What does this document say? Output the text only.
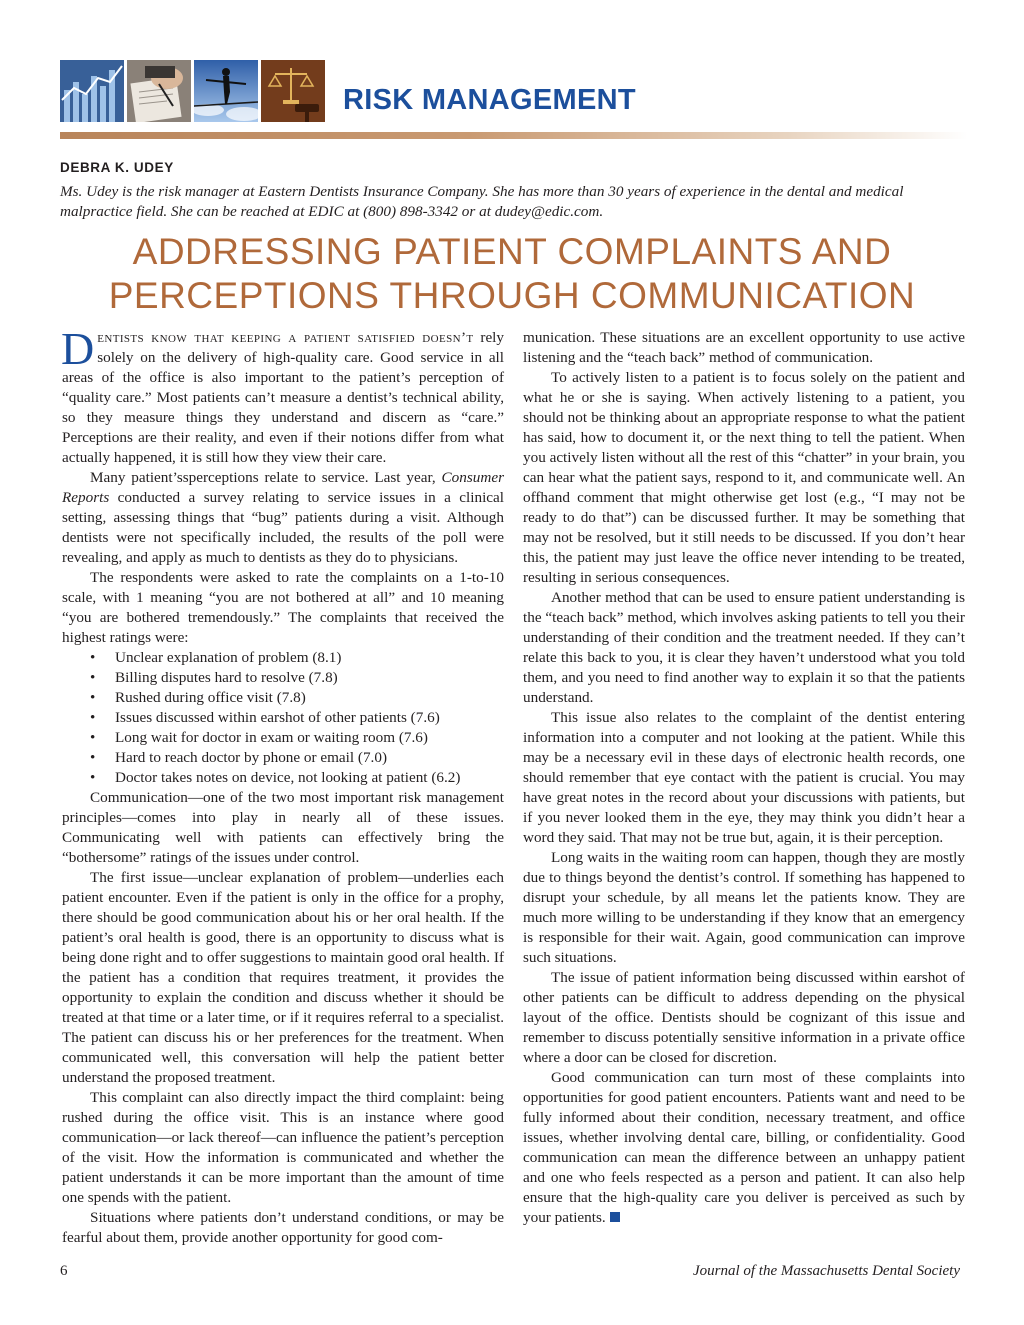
RISK MANAGEMENT
DEBRA K. UDEY
Ms. Udey is the risk manager at Eastern Dentists Insurance Company. She has more than 30 years of experience in the dental and medical malpractice field. She can be reached at EDIC at (800) 898-3342 or at dudey@edic.com.
ADDRESSING PATIENT COMPLAINTS AND
PERCEPTIONS THROUGH COMMUNICATION

Dentists know that keeping a patient satisfied doesn’t rely solely on the delivery of high-quality care. Good service in all areas of the office is also important to the patient’s perception of “quality care.” Most patients can’t measure a dentist’s technical ability, so they measure things they understand and discern as “care.” Perceptions are their reality, and even if their notions differ from what actually happened, it is still how they view their care.

Many patient’ssperceptions relate to service. Last year, Consumer Reports conducted a survey relating to service issues in a clinical setting, assessing things that “bug” patients during a visit. Although dentists were not specifically included, the results of the poll were revealing, and apply as much to dentists as they do to physicians.

The respondents were asked to rate the complaints on a 1-to-10 scale, with 1 meaning “you are not bothered at all” and 10 meaning “you are bothered tremendously.” The complaints that received the highest ratings were:

• Unclear explanation of problem (8.1)
• Billing disputes hard to resolve (7.8)
• Rushed during office visit (7.8)
• Issues discussed within earshot of other patients (7.6)
• Long wait for doctor in exam or waiting room (7.6)
• Hard to reach doctor by phone or email (7.0)
• Doctor takes notes on device, not looking at patient (6.2)

Communication—one of the two most important risk management principles—comes into play in nearly all of these issues. Communicating well with patients can effectively bring the “bothersome” ratings of the issues under control.

The first issue—unclear explanation of problem—underlies each patient encounter. Even if the patient is only in the office for a prophy, there should be good communication about his or her oral health. If the patient’s oral health is good, there is an opportunity to discuss what is being done right and to offer suggestions to maintain good oral health. If the patient has a condition that requires treatment, it provides the opportunity to explain the condition and discuss whether it should be treated at that time or a later time, or if it requires referral to a specialist. The patient can discuss his or her preferences for the treatment. When communicated well, this conversation will help the patient better understand the proposed treatment.

This complaint can also directly impact the third complaint: being rushed during the office visit. This is an instance where good communication—or lack thereof—can influence the patient’s perception of the visit. How the information is communicated and whether the patient understands it can be more important than the amount of time one spends with the patient.

Situations where patients don’t understand conditions, or may be fearful about them, provide another opportunity for good com-

munication. These situations are an excellent opportunity to use active listening and the “teach back” method of communication.

To actively listen to a patient is to focus solely on the patient and what he or she is saying. When actively listening to a patient, you should not be thinking about an appropriate response to what the patient has said, how to document it, or the next thing to tell the patient. When you actively listen without all the rest of this “chatter” in your brain, you can hear what the patient says, respond to it, and communicate well. An offhand comment that might otherwise get lost (e.g., “I may not be ready to do that”) can be discussed further. It may be something that may not be resolved, but it still needs to be discussed. If you don’t hear this, the patient may just leave the office never intending to be treated, resulting in serious consequences.

Another method that can be used to ensure patient understanding is the “teach back” method, which involves asking patients to tell you their understanding of their condition and the treatment needed. If they can’t relate this back to you, it is clear they haven’t understood what you told them, and you need to find another way to explain it so that the patients understand.

This issue also relates to the complaint of the dentist entering information into a computer and not looking at the patient. While this may be a necessary evil in these days of electronic health records, one should remember that eye contact with the patient is crucial. You may have great notes in the record about your discussions with patients, but if you never looked them in the eye, they may think you didn’t hear a word they said. That may not be true but, again, it is their perception.

Long waits in the waiting room can happen, though they are mostly due to things beyond the dentist’s control. If something has happened to disrupt your schedule, by all means let the patients know. They are much more willing to be understanding if they know that an emergency is responsible for their wait. Again, good communication can improve such situations.

The issue of patient information being discussed within earshot of other patients can be difficult to address depending on the physical layout of the office. Dentists should be cognizant of this issue and remember to discuss potentially sensitive information in a private office where a door can be closed for discretion.

Good communication can turn most of these complaints into opportunities for good patient encounters. Patients want and need to be fully informed about their condition, necessary treatment, and office issues, whether involving dental care, billing, or confidentiality. Good communication can mean the difference between an unhappy patient and one who feels respected as a person and patient. It can also help ensure that the high-quality care you deliver is perceived as such by your patients.

6	Journal of the Massachusetts Dental Society
